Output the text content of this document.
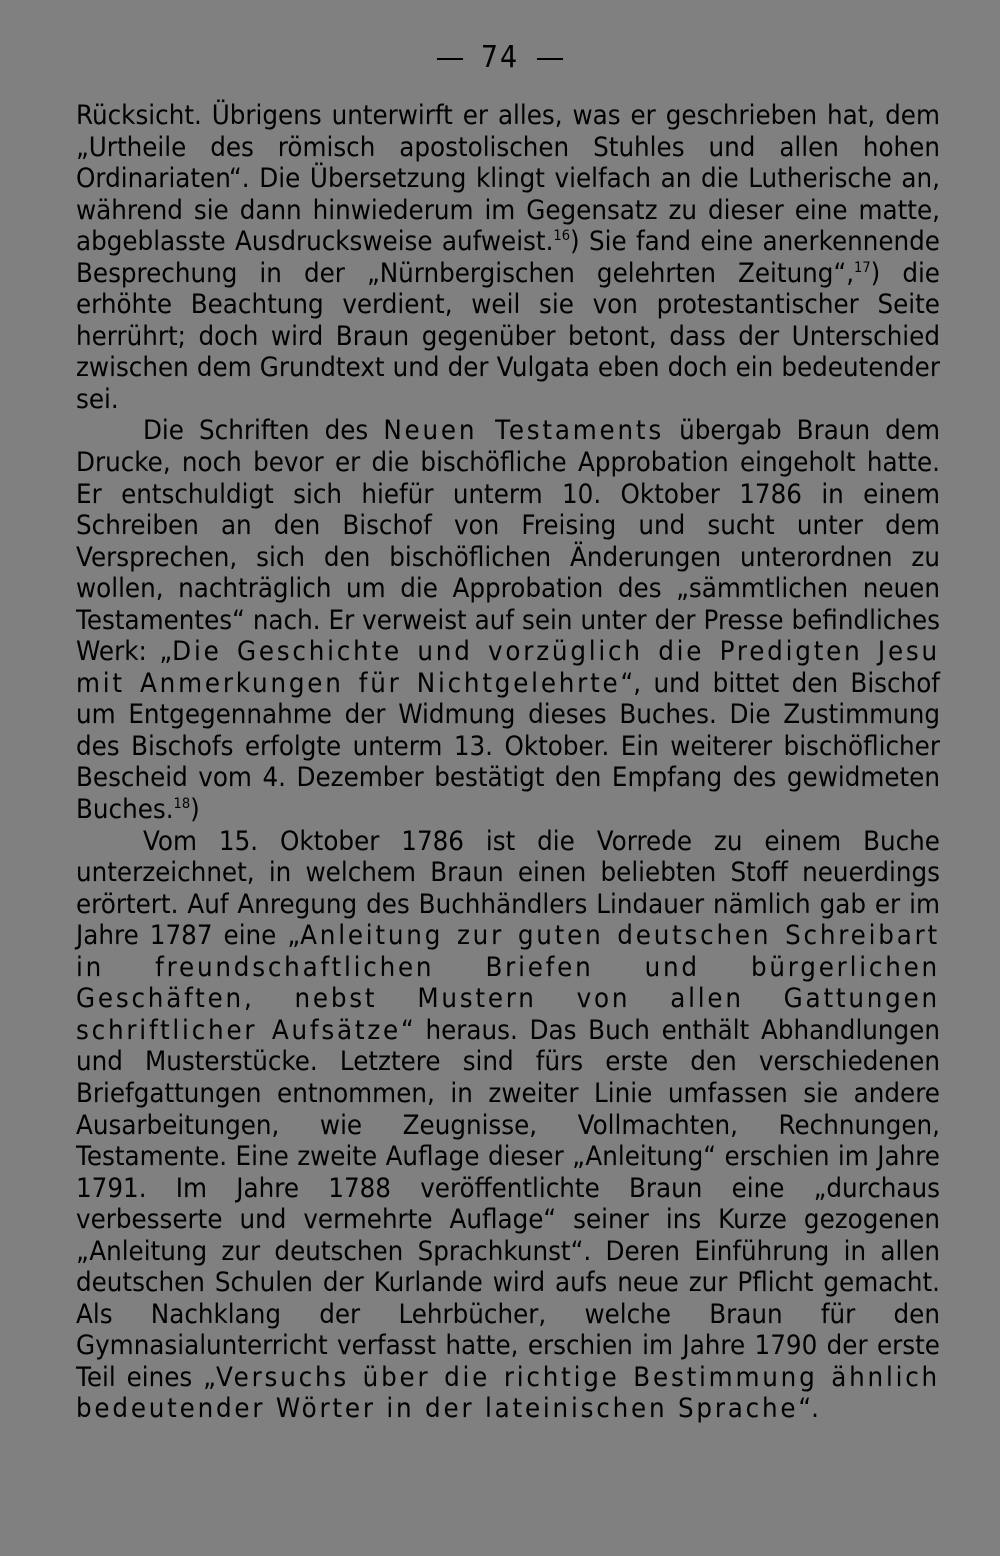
74

Rücksicht. Übrigens unterwirft er alles, was er geschrieben hat, dem „Urtheile des römisch apostolischen Stuhles und allen hohen Ordinariaten“. Die Übersetzung klingt vielfach an die Lutherische an, während sie dann hinwiederum im Gegensatz zu dieser eine matte, abgeblasste Ausdrucksweise aufweist.$^{16}$) Sie fand eine anerkennende Besprechung in der „Nürnbergischen gelehrten Zeitung“,$^{17}$) die erhöhte Beachtung verdient, weil sie von protestantischer Seite herrührt; doch wird Braun gegenüber betont, dass der Unterschied zwischen dem Grundtext und der Vulgata eben doch ein bedeutender sei.

Die Schriften des Neuen Testaments übergab Braun dem Drucke, noch bevor er die bischöfliche Approbation eingeholt hatte. Er entschuldigt sich hiefür unterm 10. Oktober 1786 in einem Schreiben an den Bischof von Freising und sucht unter dem Versprechen, sich den bischöflichen Änderungen unterordnen zu wollen, nachträglich um die Approbation des „sämmtlichen neuen Testamentes“ nach. Er verweist auf sein unter der Presse befindliches Werk: „Die Geschichte und vorzüglich die Predigten Jesu mit Anmerkungen für Nichtgelehrte“, und bittet den Bischof um Entgegennahme der Widmung dieses Buches. Die Zustimmung des Bischofs erfolgte unterm 13. Oktober. Ein weiterer bischöflicher Bescheid vom 4. Dezember bestätigt den Empfang des gewidmeten Buches.$^{18}$)

Vom 15. Oktober 1786 ist die Vorrede zu einem Buche unterzeichnet, in welchem Braun einen beliebten Stoff neuerdings erörtert. Auf Anregung des Buchhändlers Lindauer nämlich gab er im Jahre 1787 eine „Anleitung zur guten deutschen Schreibart in freundschaftlichen Briefen und bürgerlichen Geschäften, nebst Mustern von allen Gattungen schriftlicher Aufsätze“ heraus. Das Buch enthält Abhandlungen und Musterstücke. Letztere sind fürs erste den verschiedenen Briefgattungen entnommen, in zweiter Linie umfassen sie andere Ausarbeitungen, wie Zeugnisse, Vollmachten, Rechnungen, Testamente. Eine zweite Auflage dieser „Anleitung“ erschien im Jahre 1791. Im Jahre 1788 veröffentlichte Braun eine „durchaus verbesserte und vermehrte Auflage“ seiner ins Kurze gezogenen „Anleitung zur deutschen Sprachkunst“. Deren Einführung in allen deutschen Schulen der Kurlande wird aufs neue zur Pflicht gemacht. Als Nachklang der Lehrbücher, welche Braun für den Gymnasialunterricht verfasst hatte, erschien im Jahre 1790 der erste Teil eines „Versuchs über die richtige Bestimmung ähnlich bedeutender Wörter in der lateinischen Sprache“.
